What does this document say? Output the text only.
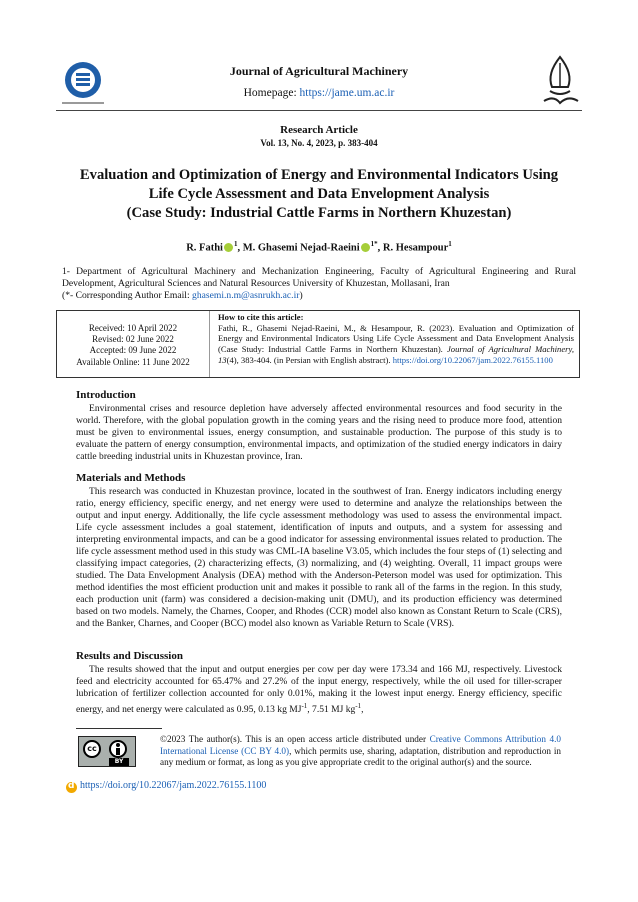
Journal of Agricultural Machinery
Homepage: https://jame.um.ac.ir
Research Article
Vol. 13, No. 4, 2023, p. 383-404
Evaluation and Optimization of Energy and Environmental Indicators Using
Life Cycle Assessment and Data Envelopment Analysis
(Case Study: Industrial Cattle Farms in Northern Khuzestan)
R. Fathi $^1$, M. Ghasemi Nejad-Raeini $^{1*}$, R. Hesampour$^1$
1- Department of Agricultural Machinery and Mechanization Engineering, Faculty of Agricultural Engineering and Rural Development, Agricultural Sciences and Natural Resources University of Khuzestan, Mollasani, Iran
(*- Corresponding Author Email: ghasemi.n.m@asnrukh.ac.ir)
Received: 10 April 2022
Revised: 02 June 2022
Accepted: 09 June 2022
Available Online: 11 June 2022
How to cite this article:
Fathi, R., Ghasemi Nejad-Raeini, M., & Hesampour, R. (2023). Evaluation and Optimization of Energy and Environmental Indicators Using Life Cycle Assessment and Data Envelopment Analysis (Case Study: Industrial Cattle Farms in Northern Khuzestan). Journal of Agricultural Machinery, 13(4), 383-404. (in Persian with English abstract). https://doi.org/10.22067/jam.2022.76155.1100
Introduction
Environmental crises and resource depletion have adversely affected environmental resources and food security in the world. Therefore, with the global population growth in the coming years and the rising need to produce more food, attention must be given to environmental issues, energy consumption, and sustainable production. The purpose of this study is to evaluate the pattern of energy consumption, environmental impacts, and optimization of the studied energy indicators in dairy cattle breeding industrial units in Khuzestan province, Iran.
Materials and Methods
This research was conducted in Khuzestan province, located in the southwest of Iran. Energy indicators including energy ratio, energy efficiency, specific energy, and net energy were used to determine and analyze the relationships between the output and input energy. Additionally, the life cycle assessment methodology was used to assess the environmental impact. Life cycle assessment includes a goal statement, identification of inputs and outputs, and a system for assessing and interpreting environmental impacts, and can be a good indicator for assessing environmental issues related to production. The life cycle assessment method used in this study was CML-IA baseline V3.05, which includes the four steps of (1) selecting and classifying impact categories, (2) characterizing effects, (3) normalizing, and (4) weighting. Overall, 11 impact groups were studied. The Data Envelopment Analysis (DEA) method with the Anderson-Peterson model was used for optimization. This method identifies the most efficient production unit and makes it possible to rank all of the farms in the region. In this study, each production unit (farm) was considered a decision-making unit (DMU), and its production efficiency was determined based on two models. Namely, the Charnes, Cooper, and Rhodes (CCR) model also known as Constant Return to Scale (CRS), and the Banker, Charnes, and Cooper (BCC) model also known as Variable Return to Scale (VRS).
Results and Discussion
The results showed that the input and output energies per cow per day were 173.34 and 166 MJ, respectively. Livestock feed and electricity accounted for 65.47% and 27.2% of the input energy, respectively, while the oil used for tiller-scraper lubrication of fertilizer collection accounted for only 0.01%, making it the lowest input energy. Energy efficiency, specific energy, and net energy were calculated as 0.95, 0.13 kg $MJ^{-1}$, 7.51 MJ $kg^{-1}$,
cc
BY
©2023 The author(s). This is an open access article distributed under Creative Commons Attribution 4.0 International License (CC BY 4.0), which permits use, sharing, adaptation, distribution and reproduction in any medium or format, as long as you give appropriate credit to the original author(s) and the source.
d
https://doi.org/10.22067/jam.2022.76155.1100
